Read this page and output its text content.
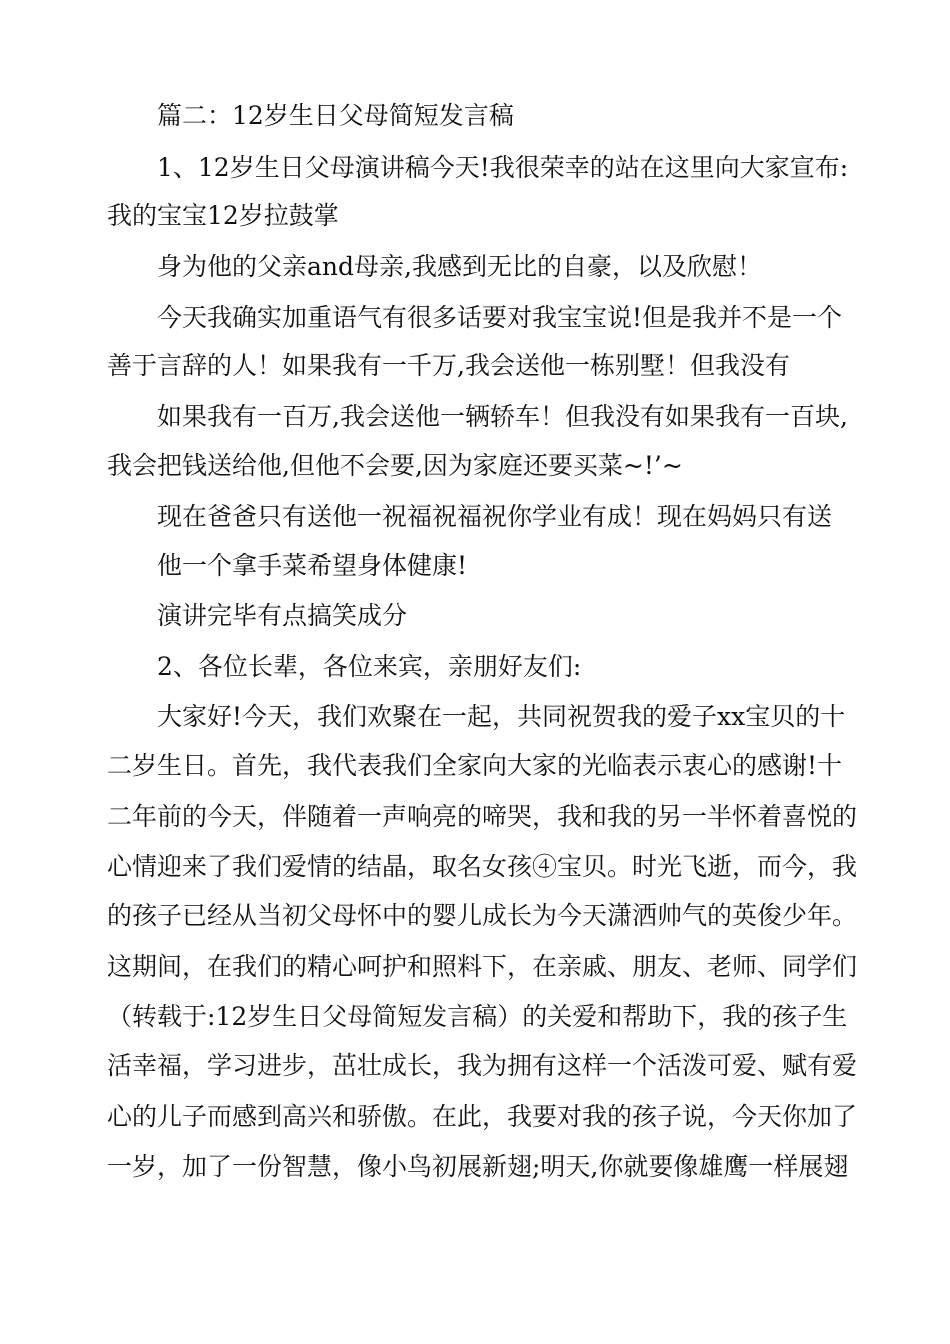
篇二：12岁生日父母简短发言稿
1、12岁生日父母演讲稿今天!我很荣幸的站在这里向大家宣布:
我的宝宝12岁拉鼓掌
身为他的父亲and母亲,我感到无比的自豪，以及欣慰！
今天我确实加重语气有很多话要对我宝宝说!但是我并不是一个
善于言辞的人！如果我有一千万,我会送他一栋别墅！但我没有
如果我有一百万,我会送他一辆轿车！但我没有如果我有一百块,
我会把钱送给他,但他不会要,因为家庭还要买菜~!’~
现在爸爸只有送他一祝福祝福祝你学业有成！现在妈妈只有送
他一个拿手菜希望身体健康!
演讲完毕有点搞笑成分
2、各位长辈，各位来宾，亲朋好友们:
大家好!今天，我们欢聚在一起，共同祝贺我的爱子xx宝贝的十
二岁生日。首先，我代表我们全家向大家的光临表示衷心的感谢!十
二年前的今天，伴随着一声响亮的啼哭，我和我的另一半怀着喜悦的
心情迎来了我们爱情的结晶，取名女孩④宝贝。时光飞逝，而今，我
的孩子已经从当初父母怀中的婴儿成长为今天潇洒帅气的英俊少年。
这期间，在我们的精心呵护和照料下，在亲戚、朋友、老师、同学们
（转载于:12岁生日父母简短发言稿）的关爱和帮助下，我的孩子生
活幸福，学习进步，茁壮成长，我为拥有这样一个活泼可爱、赋有爱
心的儿子而感到高兴和骄傲。在此，我要对我的孩子说，今天你加了
一岁，加了一份智慧，像小鸟初展新翅;明天,你就要像雄鹰一样展翅
